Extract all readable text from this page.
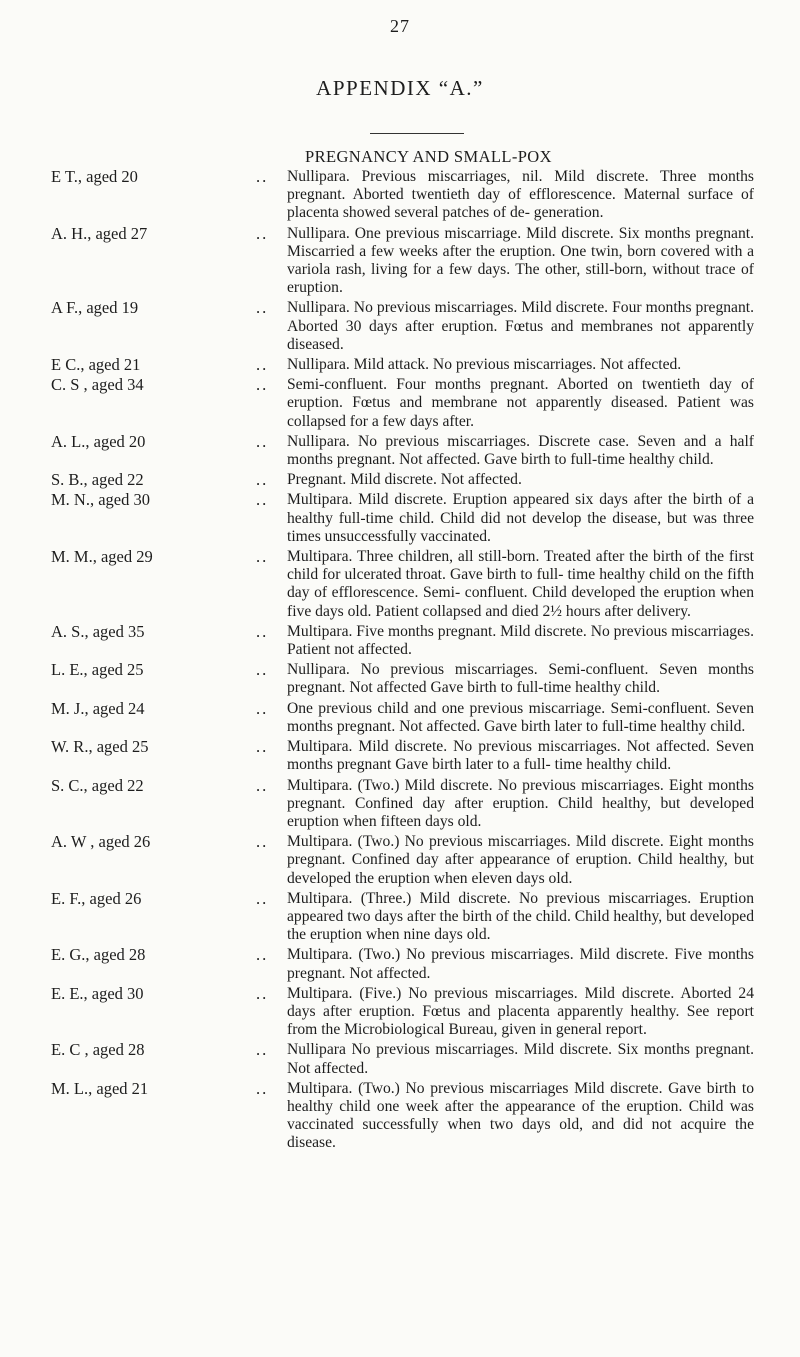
27
APPENDIX “A.”
PREGNANCY AND SMALL-POX
E T., aged 20	.. Nullipara. Previous miscarriages, nil. Mild discrete. Three months pregnant. Aborted twentieth day of efflorescence. Maternal surface of placenta showed several patches of de- generation.
A. H., aged 27	.. Nullipara. One previous miscarriage. Mild discrete. Six months pregnant. Miscarried a few weeks after the eruption. One twin, born covered with a variola rash, living for a few days. The other, still-born, without trace of eruption.
A F., aged 19	.. Nullipara. No previous miscarriages. Mild discrete. Four months pregnant. Aborted 30 days after eruption. Fœtus and membranes not apparently diseased.
E C., aged 21	.. Nullipara. Mild attack. No previous miscarriages. Not affected.
C. S , aged 34	.. Semi-confluent. Four months pregnant. Aborted on twentieth day of eruption. Fœtus and membrane not apparently diseased. Patient was collapsed for a few days after.
A. L., aged 20	.. Nullipara. No previous miscarriages. Discrete case. Seven and a half months pregnant. Not affected. Gave birth to full-time healthy child.
S. B., aged 22	.. Pregnant. Mild discrete. Not affected.
M. N., aged 30	.. Multipara. Mild discrete. Eruption appeared six days after the birth of a healthy full-time child. Child did not develop the disease, but was three times unsuccessfully vaccinated.
M. M., aged 29	.. Multipara. Three children, all still-born. Treated after the birth of the first child for ulcerated throat. Gave birth to full- time healthy child on the fifth day of efflorescence. Semi- confluent. Child developed the eruption when five days old. Patient collapsed and died 2½ hours after delivery.
A. S., aged 35	.. Multipara. Five months pregnant. Mild discrete. No previous miscarriages. Patient not affected.
L. E., aged 25	.. Nullipara. No previous miscarriages. Semi-confluent. Seven months pregnant. Not affected Gave birth to full-time healthy child.
M. J., aged 24	.. One previous child and one previous miscarriage. Semi-confluent. Seven months pregnant. Not affected. Gave birth later to full-time healthy child.
W. R., aged 25	.. Multipara. Mild discrete. No previous miscarriages. Not affected. Seven months pregnant Gave birth later to a full- time healthy child.
S. C., aged 22	.. Multipara. (Two.) Mild discrete. No previous miscarriages. Eight months pregnant. Confined day after eruption. Child healthy, but developed eruption when fifteen days old.
A. W , aged 26	.. Multipara. (Two.) No previous miscarriages. Mild discrete. Eight months pregnant. Confined day after appearance of eruption. Child healthy, but developed the eruption when eleven days old.
E. F., aged 26	.. Multipara. (Three.) Mild discrete. No previous miscarriages. Eruption appeared two days after the birth of the child. Child healthy, but developed the eruption when nine days old.
E. G., aged 28	.. Multipara. (Two.) No previous miscarriages. Mild discrete. Five months pregnant. Not affected.
E. E., aged 30	.. Multipara. (Five.) No previous miscarriages. Mild discrete. Aborted 24 days after eruption. Fœtus and placenta apparently healthy. See report from the Microbiological Bureau, given in general report.
E. C , aged 28	.. Nullipara No previous miscarriages. Mild discrete. Six months pregnant. Not affected.
M. L., aged 21	.. Multipara. (Two.) No previous miscarriages Mild discrete. Gave birth to healthy child one week after the appearance of the eruption. Child was vaccinated successfully when two days old, and did not acquire the disease.
